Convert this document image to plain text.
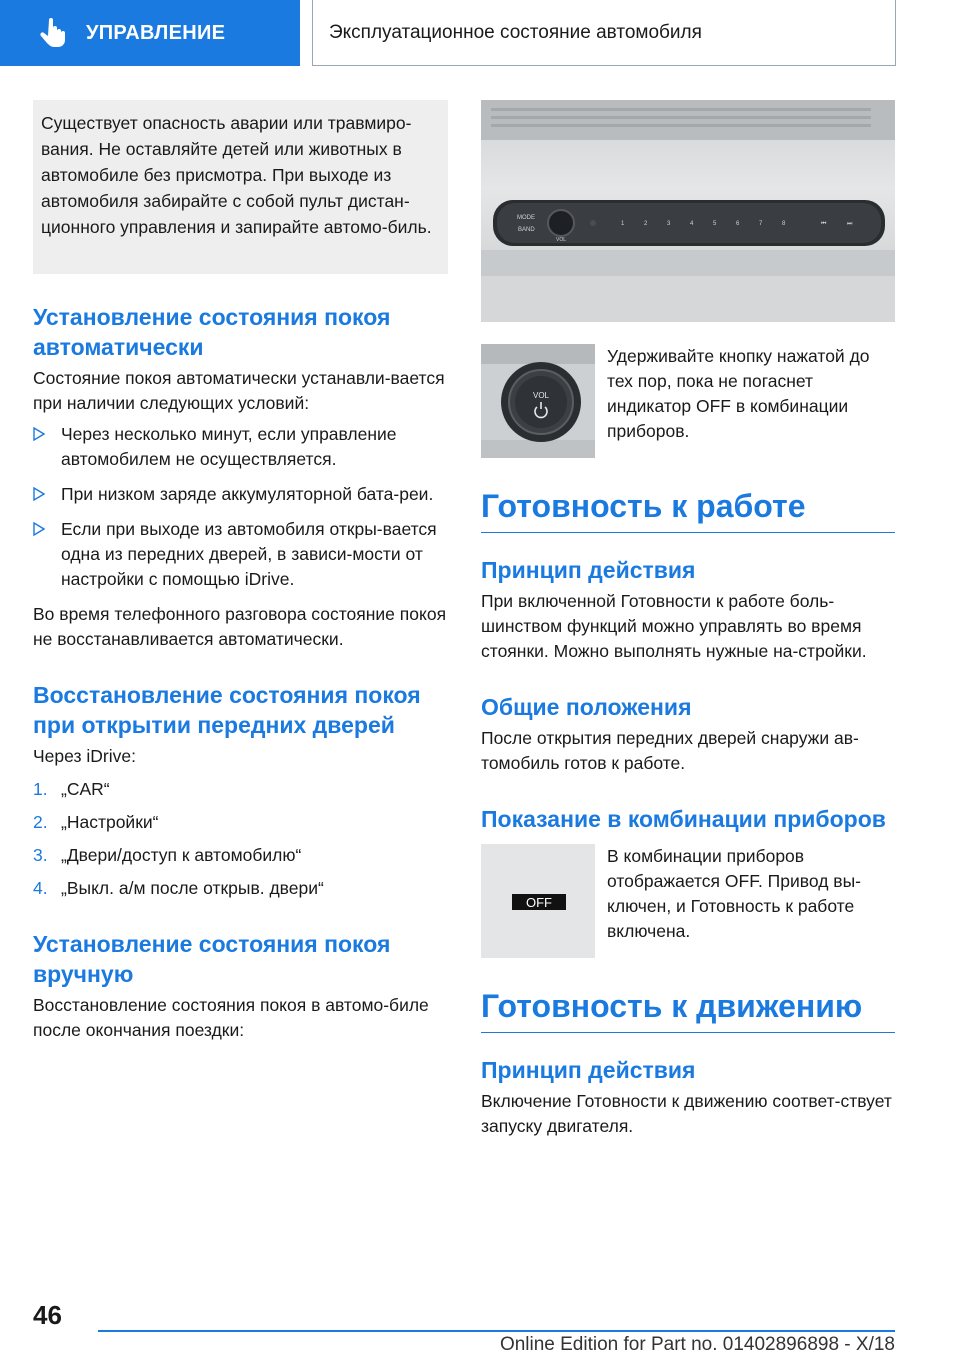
УПРАВЛЕНИЕ	Эксплуатационное состояние автомобиля
Существует опасность аварии или травмиро-вания. Не оставляйте детей или животных в автомобиле без присмотра. При выходе из автомобиля забирайте с собой пульт дистан-ционного управления и запирайте автомо-биль.
Установление состояния покоя автоматически

Состояние покоя автоматически устанавли-вается при наличии следующих условий:

Через несколько минут, если управление автомобилем не осуществляется.
При низком заряде аккумуляторной бата-реи.
Если при выходе из автомобиля откры-вается одна из передних дверей, в зависи-мости от настройки с помощью iDrive.

Во время телефонного разговора состояние покоя не восстанавливается автоматически.

Восстановление состояния покоя при открытии передних дверей

Через iDrive:

1. „CAR“
2. „Настройки“
3. „Двери/доступ к автомобилю“
4. „Выкл. а/м после открыв. двери“
Установление состояния покоя вручную

Восстановление состояния покоя в автомо-биле после окончания поездки:

MODE
BAND
VOL
1	2	3	4	5	6	7	8	⏮	⏭
VOL

Удерживайте кнопку нажатой до тех пор, пока не погаснет индикатор OFF в комбинации приборов.

Готовность к работе
Принцип действия

При включенной Готовности к работе боль-шинством функций можно управлять во время стоянки. Можно выполнять нужные на-стройки.

Общие положения

После открытия передних дверей снаружи ав-томобиль готов к работе.

Показание в комбинации приборов
OFF

В комбинации приборов отображается OFF. Привод вы-ключен, и Готовность к работе включена.

Готовность к движению
Принцип действия

Включение Готовности к движению соответ-ствует запуску двигателя.

46
Online Edition for Part no. 01402896898 - X/18
